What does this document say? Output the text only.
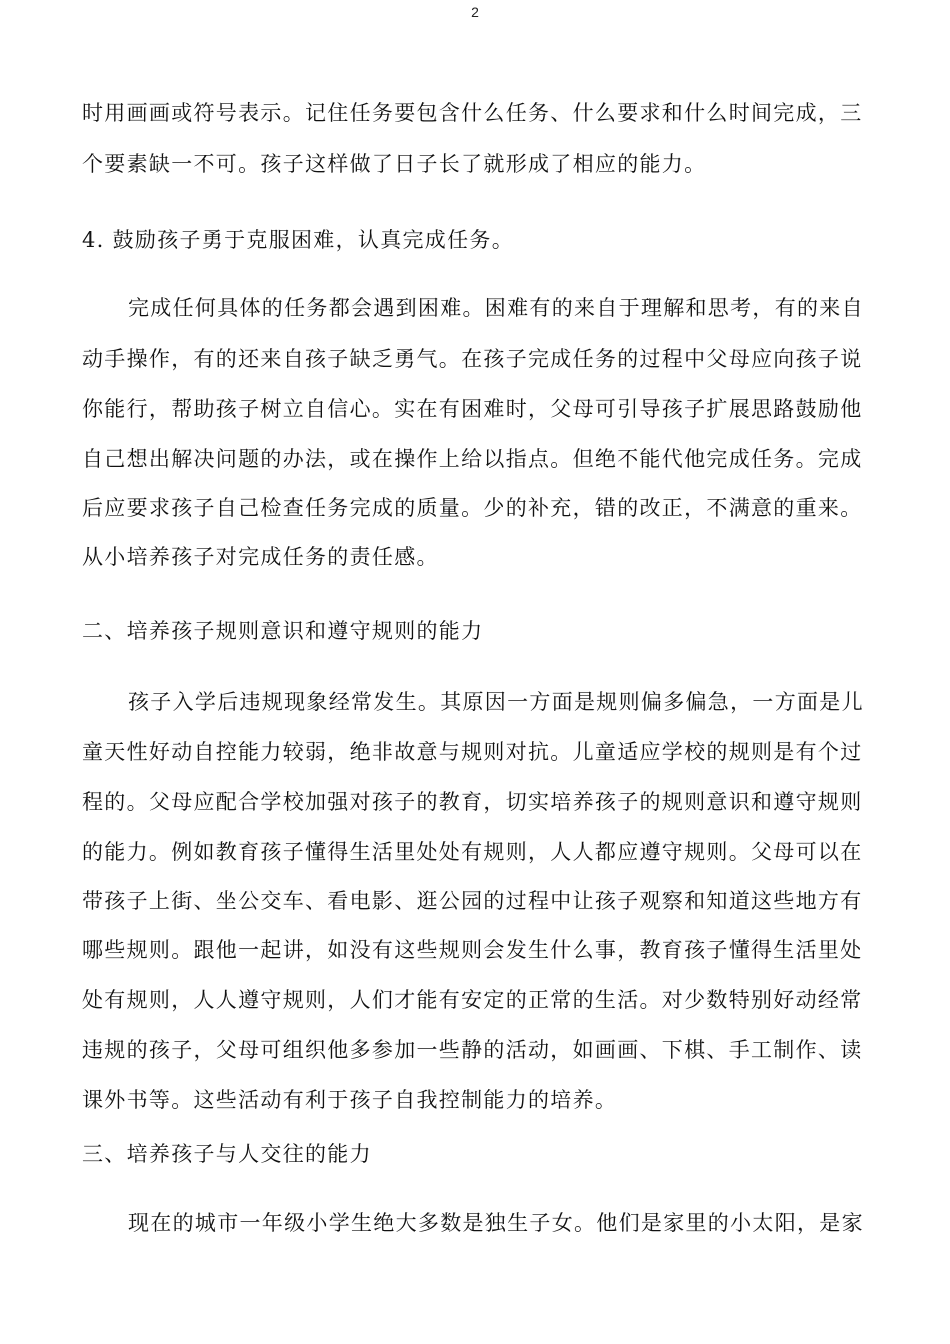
2
时用画画或符号表示。记住任务要包含什么任务、什么要求和什么时间完成，三
个要素缺一不可。孩子这样做了日子长了就形成了相应的能力。
4. 鼓励孩子勇于克服困难，认真完成任务。
完成任何具体的任务都会遇到困难。困难有的来自于理解和思考，有的来自
动手操作，有的还来自孩子缺乏勇气。在孩子完成任务的过程中父母应向孩子说
你能行，帮助孩子树立自信心。实在有困难时，父母可引导孩子扩展思路鼓励他
自己想出解决问题的办法，或在操作上给以指点。但绝不能代他完成任务。完成
后应要求孩子自己检查任务完成的质量。少的补充，错的改正，不满意的重来。
从小培养孩子对完成任务的责任感。
二、培养孩子规则意识和遵守规则的能力
孩子入学后违规现象经常发生。其原因一方面是规则偏多偏急，一方面是儿
童天性好动自控能力较弱，绝非故意与规则对抗。儿童适应学校的规则是有个过
程的。父母应配合学校加强对孩子的教育，切实培养孩子的规则意识和遵守规则
的能力。例如教育孩子懂得生活里处处有规则，人人都应遵守规则。父母可以在
带孩子上街、坐公交车、看电影、逛公园的过程中让孩子观察和知道这些地方有
哪些规则。跟他一起讲，如没有这些规则会发生什么事，教育孩子懂得生活里处
处有规则，人人遵守规则，人们才能有安定的正常的生活。对少数特别好动经常
违规的孩子，父母可组织他多参加一些静的活动，如画画、下棋、手工制作、读
课外书等。这些活动有利于孩子自我控制能力的培养。
三、培养孩子与人交往的能力
现在的城市一年级小学生绝大多数是独生子女。他们是家里的小太阳，是家
